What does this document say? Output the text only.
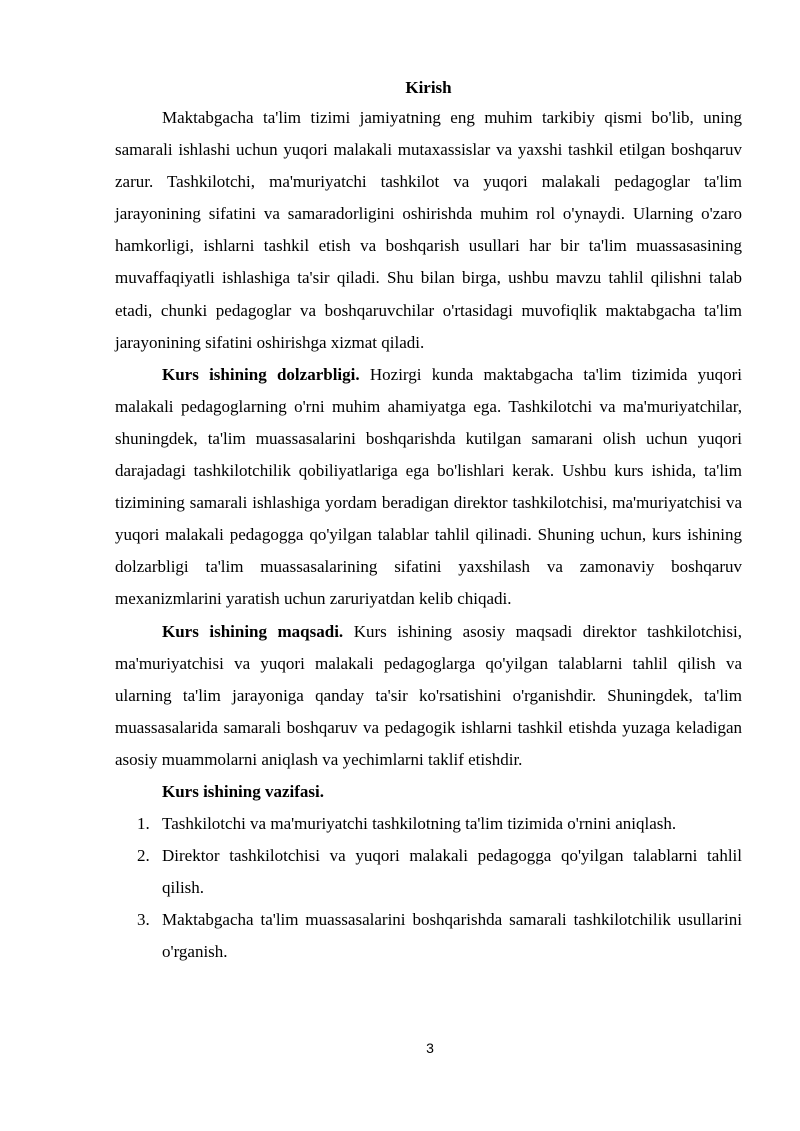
Kirish

Maktabgacha ta'lim tizimi jamiyatning eng muhim tarkibiy qismi bo'lib, uning samarali ishlashi uchun yuqori malakali mutaxassislar va yaxshi tashkil etilgan boshqaruv zarur. Tashkilotchi, ma'muriyatchi tashkilot va yuqori malakali pedagoglar ta'lim jarayonining sifatini va samaradorligini oshirishda muhim rol o'ynaydi. Ularning o'zaro hamkorligi, ishlarni tashkil etish va boshqarish usullari har bir ta'lim muassasasining muvaffaqiyatli ishlashiga ta'sir qiladi. Shu bilan birga, ushbu mavzu tahlil qilishni talab etadi, chunki pedagoglar va boshqaruvchilar o'rtasidagi muvofiqlik maktabgacha ta'lim jarayonining sifatini oshirishga xizmat qiladi.

Kurs ishining dolzarbligi. Hozirgi kunda maktabgacha ta'lim tizimida yuqori malakali pedagoglarning o'rni muhim ahamiyatga ega. Tashkilotchi va ma'muriyatchilar, shuningdek, ta'lim muassasalarini boshqarishda kutilgan samarani olish uchun yuqori darajadagi tashkilotchilik qobiliyatlariga ega bo'lishlari kerak. Ushbu kurs ishida, ta'lim tizimining samarali ishlashiga yordam beradigan direktor tashkilotchisi, ma'muriyatchisi va yuqori malakali pedagogga qo'yilgan talablar tahlil qilinadi. Shuning uchun, kurs ishining dolzarbligi ta'lim muassasalarining sifatini yaxshilash va zamonaviy boshqaruv mexanizmlarini yaratish uchun zaruriyatdan kelib chiqadi.

Kurs ishining maqsadi. Kurs ishining asosiy maqsadi direktor tashkilotchisi, ma'muriyatchisi va yuqori malakali pedagoglarga qo'yilgan talablarni tahlil qilish va ularning ta'lim jarayoniga qanday ta'sir ko'rsatishini o'rganishdir. Shuningdek, ta'lim muassasalarida samarali boshqaruv va pedagogik ishlarni tashkil etishda yuzaga keladigan asosiy muammolarni aniqlash va yechimlarni taklif etishdir.

Kurs ishining vazifasi.

1. Tashkilotchi va ma'muriyatchi tashkilotning ta'lim tizimida o'rnini aniqlash.
2. Direktor tashkilotchisi va yuqori malakali pedagogga qo'yilgan talablarni tahlil qilish.
3. Maktabgacha ta'lim muassasalarini boshqarishda samarali tashkilotchilik usullarini o'rganish.
3
